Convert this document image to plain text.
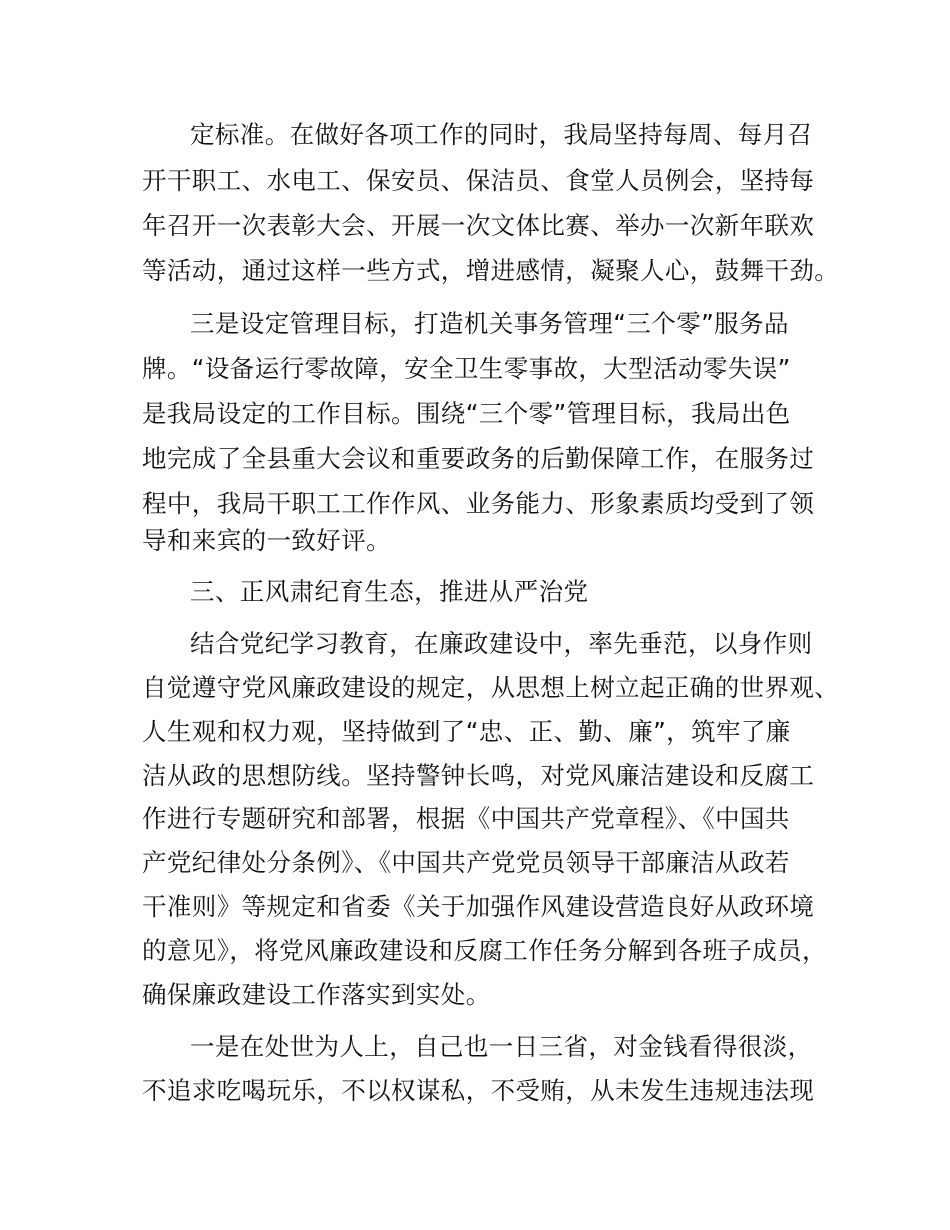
定标准。在做好各项工作的同时，我局坚持每周、每月召
开干职工、水电工、保安员、保洁员、食堂人员例会，坚持每
年召开一次表彰大会、开展一次文体比赛、举办一次新年联欢
等活动，通过这样一些方式，增进感情，凝聚人心，鼓舞干劲。
三是设定管理目标，打造机关事务管理“三个零”服务品
牌。“设备运行零故障，安全卫生零事故，大型活动零失误”
是我局设定的工作目标。围绕“三个零”管理目标，我局出色
地完成了全县重大会议和重要政务的后勤保障工作，在服务过
程中，我局干职工工作作风、业务能力、形象素质均受到了领
导和来宾的一致好评。
三、正风肃纪育生态，推进从严治党
结合党纪学习教育，在廉政建设中，率先垂范，以身作则
自觉遵守党风廉政建设的规定，从思想上树立起正确的世界观、
人生观和权力观，坚持做到了“忠、正、勤、廉”，筑牢了廉
洁从政的思想防线。坚持警钟长鸣，对党风廉洁建设和反腐工
作进行专题研究和部署，根据《中国共产党章程》、《中国共
产党纪律处分条例》、《中国共产党党员领导干部廉洁从政若
干准则》等规定和省委《关于加强作风建设营造良好从政环境
的意见》，将党风廉政建设和反腐工作任务分解到各班子成员，
确保廉政建设工作落实到实处。
一是在处世为人上，自己也一日三省，对金钱看得很淡，
不追求吃喝玩乐，不以权谋私，不受贿，从未发生违规违法现
